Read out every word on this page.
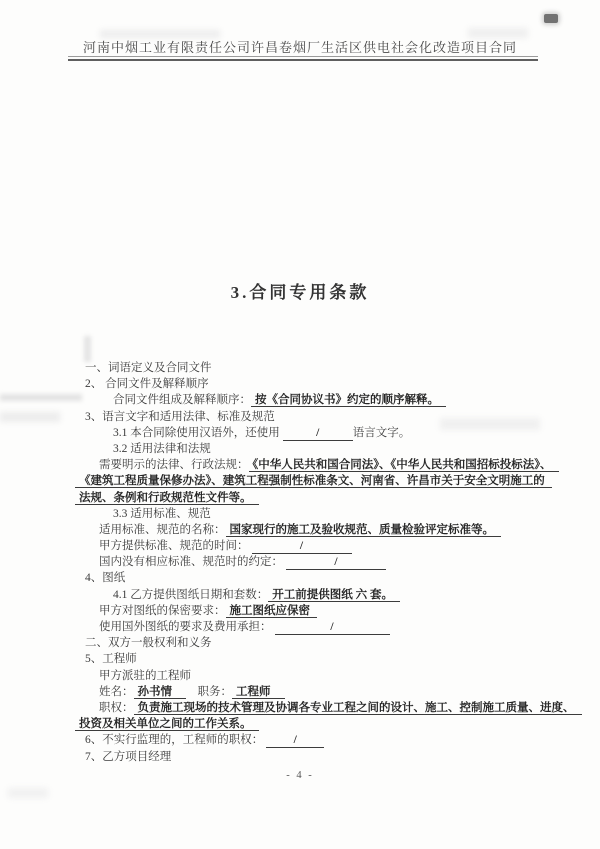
河南中烟工业有限责任公司许昌卷烟厂生活区供电社会化改造项目合同
3.合同专用条款
一、词语定义及合同文件
2、 合同文件及解释顺序
合同文件组成及解释顺序： 按《合同协议书》约定的顺序解释。
3、语言文字和适用法律、标准及规范
3.1 本合同除使用汉语外，还使用	/	语言文字。
3.2 适用法律和法规
需要明示的法律、行政法规： 《中华人民共和国合同法》、《中华人民共和国招标投标法》、
《建筑工程质量保修办法》、建筑工程强制性标准条文、河南省、许昌市关于安全文明施工的
法规、条例和行政规范性文件等。
3.3 适用标准、规范
适用标准、规范的名称： 国家现行的施工及验收规范、质量检验评定标准等。
甲方提供标准、规范的时间：	/
国内没有相应标准、规范时的约定：	/
4、图纸
4.1 乙方提供图纸日期和套数： 开工前提供图纸 六 套。
甲方对图纸的保密要求： 施工图纸应保密
使用国外图纸的要求及费用承担：	/
二、双方一般权利和义务
5、工程师
甲方派驻的工程师
姓名： 孙书情　职务： 工程师
职权： 负责施工现场的技术管理及协调各专业工程之间的设计、施工、控制施工质量、进度、
投资及相关单位之间的工作关系。
6、不实行监理的，工程师的职权：	/
7、乙方项目经理
- 4 -
